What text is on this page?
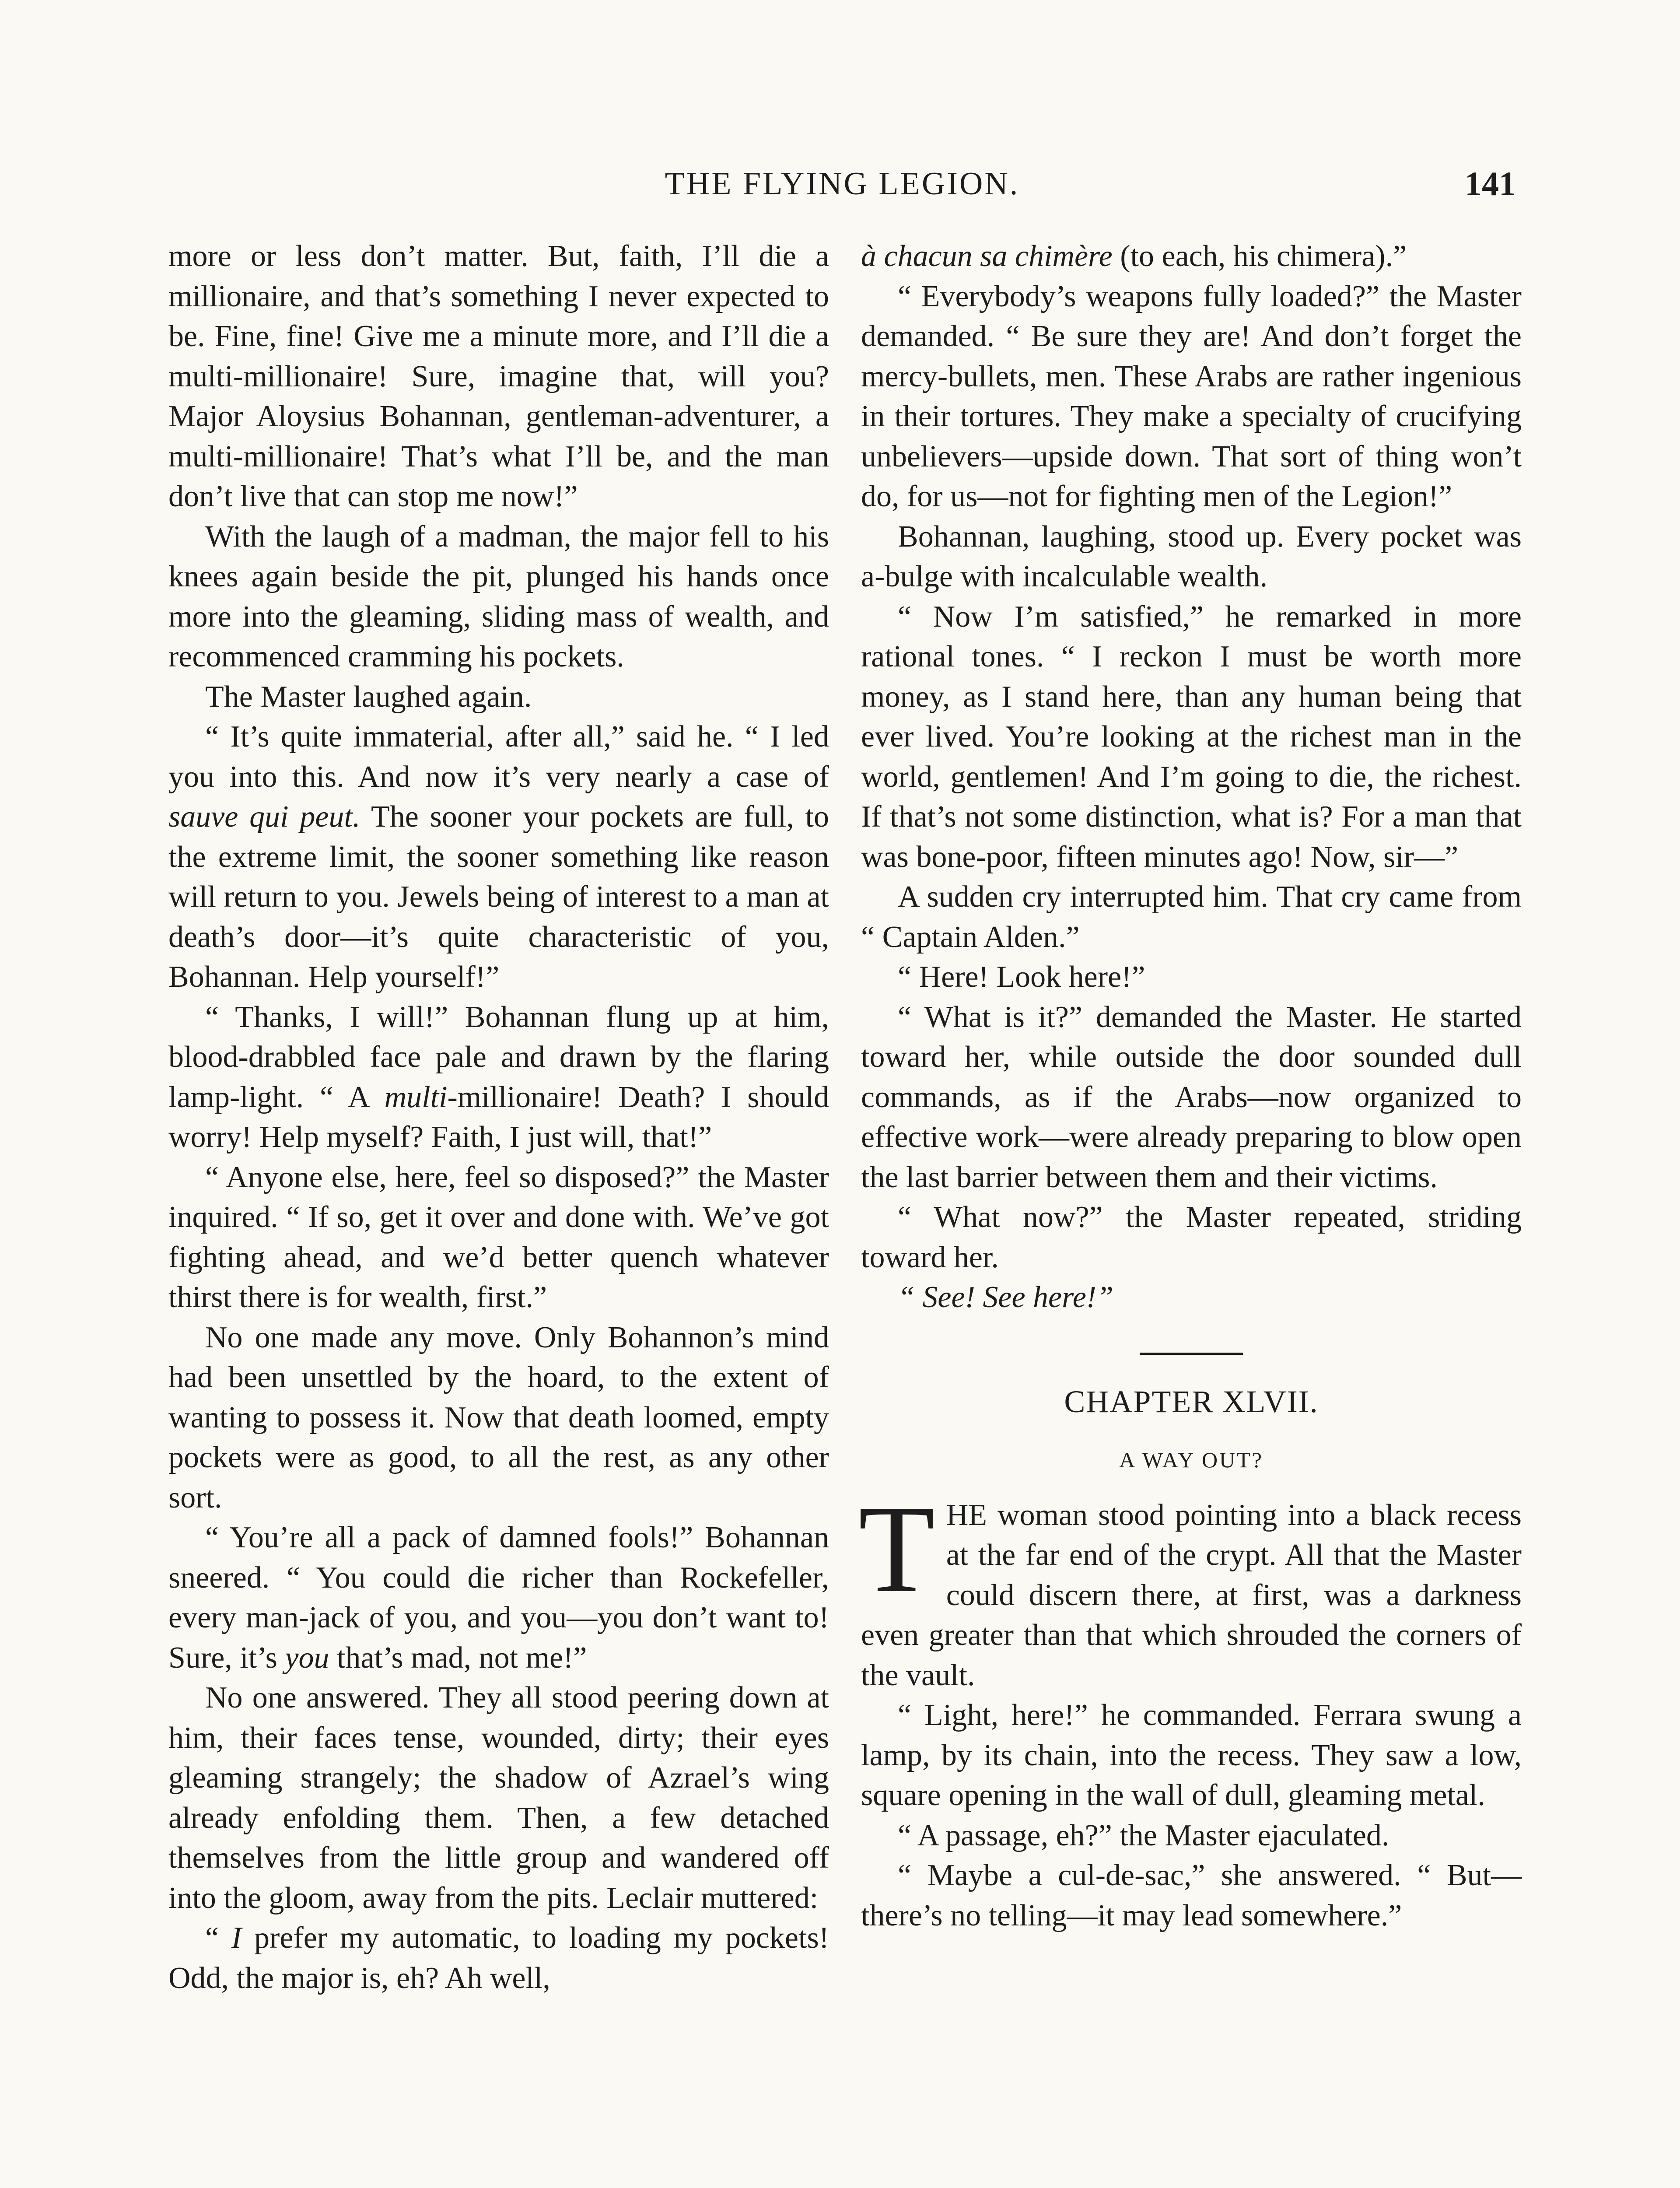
THE FLYING LEGION.	141

more or less don’t matter. But, faith, I’ll die a millionaire, and that’s something I never expected to be. Fine, fine! Give me a minute more, and I’ll die a multi-millionaire! Sure, imagine that, will you? Major Aloysius Bohannan, gentleman-adventurer, a multi-millionaire! That’s what I’ll be, and the man don’t live that can stop me now!”

With the laugh of a madman, the major fell to his knees again beside the pit, plunged his hands once more into the gleaming, sliding mass of wealth, and recommenced cramming his pockets.

The Master laughed again.

“ It’s quite immaterial, after all,” said he. “ I led you into this. And now it’s very nearly a case of sauve qui peut. The sooner your pockets are full, to the extreme limit, the sooner something like reason will return to you. Jewels being of interest to a man at death’s door—it’s quite characteristic of you, Bohannan. Help yourself!”

“ Thanks, I will!” Bohannan flung up at him, blood-drabbled face pale and drawn by the flaring lamp-light. “ A multi-millionaire! Death? I should worry! Help myself? Faith, I just will, that!”

“ Anyone else, here, feel so disposed?” the Master inquired. “ If so, get it over and done with. We’ve got fighting ahead, and we’d better quench whatever thirst there is for wealth, first.”

No one made any move. Only Bohannon’s mind had been unsettled by the hoard, to the extent of wanting to possess it. Now that death loomed, empty pockets were as good, to all the rest, as any other sort.

“ You’re all a pack of damned fools!” Bohannan sneered. “ You could die richer than Rockefeller, every man-jack of you, and you—you don’t want to! Sure, it’s you that’s mad, not me!”

No one answered. They all stood peering down at him, their faces tense, wounded, dirty; their eyes gleaming strangely; the shadow of Azrael’s wing already enfolding them. Then, a few detached themselves from the little group and wandered off into the gloom, away from the pits. Leclair muttered:

“ I prefer my automatic, to loading my pockets! Odd, the major is, eh? Ah well,

à chacun sa chimère (to each, his chimera).”

“ Everybody’s weapons fully loaded?” the Master demanded. “ Be sure they are! And don’t forget the mercy-bullets, men. These Arabs are rather ingenious in their tortures. They make a specialty of crucifying unbelievers—upside down. That sort of thing won’t do, for us—not for fighting men of the Legion!”

Bohannan, laughing, stood up. Every pocket was a-bulge with incalculable wealth.

“ Now I’m satisfied,” he remarked in more rational tones. “ I reckon I must be worth more money, as I stand here, than any human being that ever lived. You’re looking at the richest man in the world, gentlemen! And I’m going to die, the richest. If that’s not some distinction, what is? For a man that was bone-poor, fifteen minutes ago! Now, sir—”

A sudden cry interrupted him. That cry came from “ Captain Alden.”

“ Here! Look here!”

“ What is it?” demanded the Master. He started toward her, while outside the door sounded dull commands, as if the Arabs—now organized to effective work—were already preparing to blow open the last barrier between them and their victims.

“ What now?” the Master repeated, striding toward her.

“ See! See here!”

CHAPTER XLVII.

A WAY OUT?

T HE woman stood pointing into a black recess at the far end of the crypt. All that the Master could discern there, at first, was a darkness even greater than that which shrouded the corners of the vault.

“ Light, here!” he commanded. Ferrara swung a lamp, by its chain, into the recess. They saw a low, square opening in the wall of dull, gleaming metal.

“ A passage, eh?” the Master ejaculated.

“ Maybe a cul-de-sac,” she answered. “ But—there’s no telling—it may lead somewhere.”
